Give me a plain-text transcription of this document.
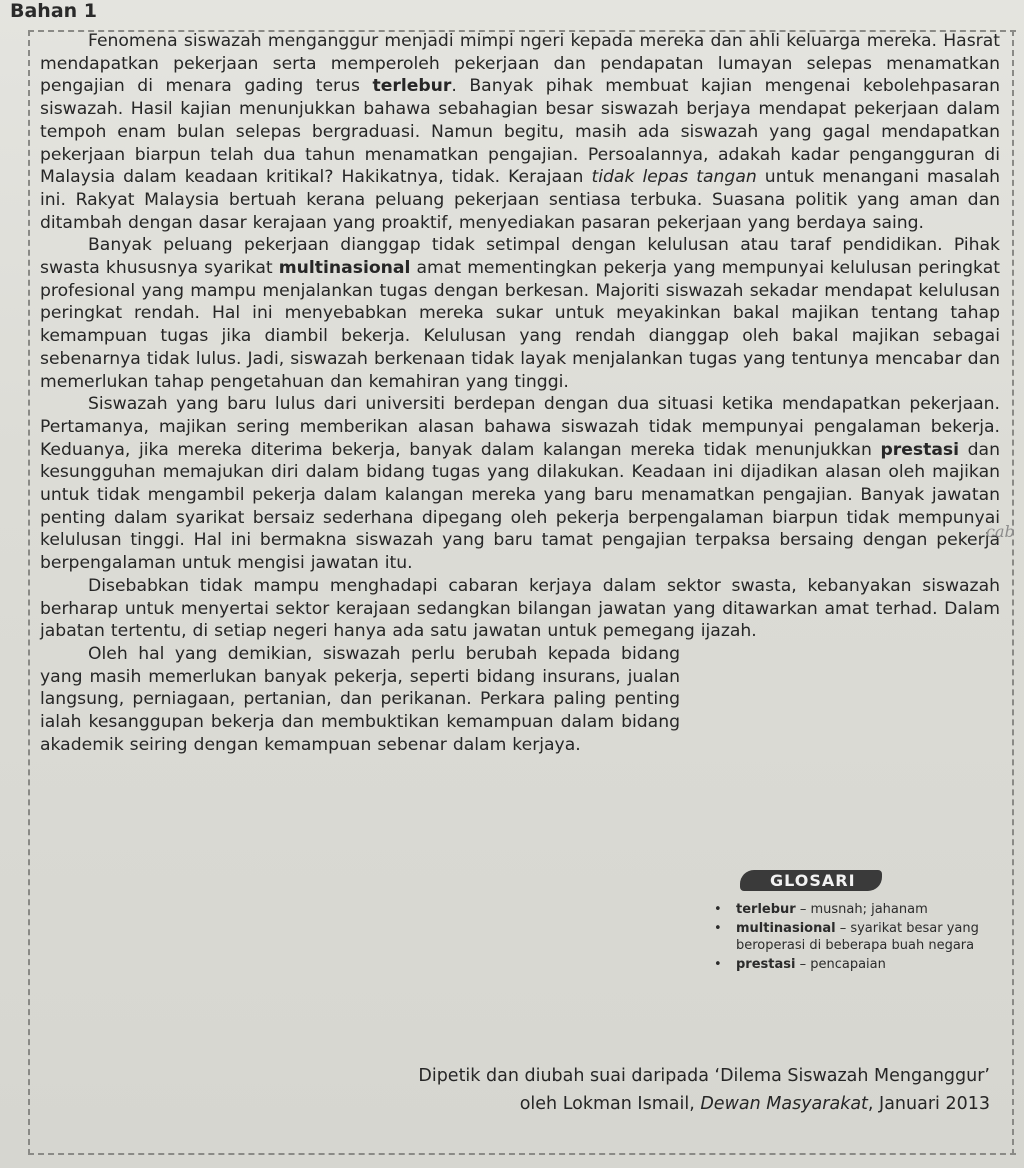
Bahan 1

Fenomena siswazah menganggur menjadi mimpi ngeri kepada mereka dan ahli keluarga mereka. Hasrat mendapatkan pekerjaan serta memperoleh pekerjaan dan pendapatan lumayan selepas menamatkan pengajian di menara gading terus terlebur. Banyak pihak membuat kajian mengenai kebolehpasaran siswazah. Hasil kajian menunjukkan bahawa sebahagian besar siswazah berjaya mendapat pekerjaan dalam tempoh enam bulan selepas bergraduasi. Namun begitu, masih ada siswazah yang gagal mendapatkan pekerjaan biarpun telah dua tahun menamatkan pengajian. Persoalannya, adakah kadar pengangguran di Malaysia dalam keadaan kritikal? Hakikatnya, tidak. Kerajaan tidak lepas tangan untuk menangani masalah ini. Rakyat Malaysia bertuah kerana peluang pekerjaan sentiasa terbuka. Suasana politik yang aman dan ditambah dengan dasar kerajaan yang proaktif, menyediakan pasaran pekerjaan yang berdaya saing.

Banyak peluang pekerjaan dianggap tidak setimpal dengan kelulusan atau taraf pendidikan. Pihak swasta khususnya syarikat multinasional amat mementingkan pekerja yang mempunyai kelulusan peringkat profesional yang mampu menjalankan tugas dengan berkesan. Majoriti siswazah sekadar mendapat kelulusan peringkat rendah. Hal ini menyebabkan mereka sukar untuk meyakinkan bakal majikan tentang tahap kemampuan tugas jika diambil bekerja. Kelulusan yang rendah dianggap oleh bakal majikan sebagai sebenarnya tidak lulus. Jadi, siswazah berkenaan tidak layak menjalankan tugas yang tentunya mencabar dan memerlukan tahap pengetahuan dan kemahiran yang tinggi.

Siswazah yang baru lulus dari universiti berdepan dengan dua situasi ketika mendapatkan pekerjaan. Pertamanya, majikan sering memberikan alasan bahawa siswazah tidak mempunyai pengalaman bekerja. Keduanya, jika mereka diterima bekerja, banyak dalam kalangan mereka tidak menunjukkan prestasi dan kesungguhan memajukan diri dalam bidang tugas yang dilakukan. Keadaan ini dijadikan alasan oleh majikan untuk tidak mengambil pekerja dalam kalangan mereka yang baru menamatkan pengajian. Banyak jawatan penting dalam syarikat bersaiz sederhana dipegang oleh pekerja berpengalaman biarpun tidak mempunyai kelulusan tinggi. Hal ini bermakna siswazah yang baru tamat pengajian terpaksa bersaing dengan pekerja berpengalaman untuk mengisi jawatan itu.

Disebabkan tidak mampu menghadapi cabaran kerjaya dalam sektor swasta, kebanyakan siswazah berharap untuk menyertai sektor kerajaan sedangkan bilangan jawatan yang ditawarkan amat terhad. Dalam jabatan tertentu, di setiap negeri hanya ada satu jawatan untuk pemegang ijazah.

Oleh hal yang demikian, siswazah perlu berubah kepada bidang yang masih memerlukan banyak pekerja, seperti bidang insurans, jualan langsung, perniagaan, pertanian, dan perikanan. Perkara paling penting ialah kesanggupan bekerja dan membuktikan kemampuan dalam bidang akademik seiring dengan kemampuan sebenar dalam kerjaya.

GLOSARI
• terlebur – musnah; jahanam
• multinasional – syarikat besar yang beroperasi di beberapa buah negara
• prestasi – pencapaian
cab
Dipetik dan diubah suai daripada ‘Dilema Siswazah Menganggur’
oleh Lokman Ismail, Dewan Masyarakat, Januari 2013
